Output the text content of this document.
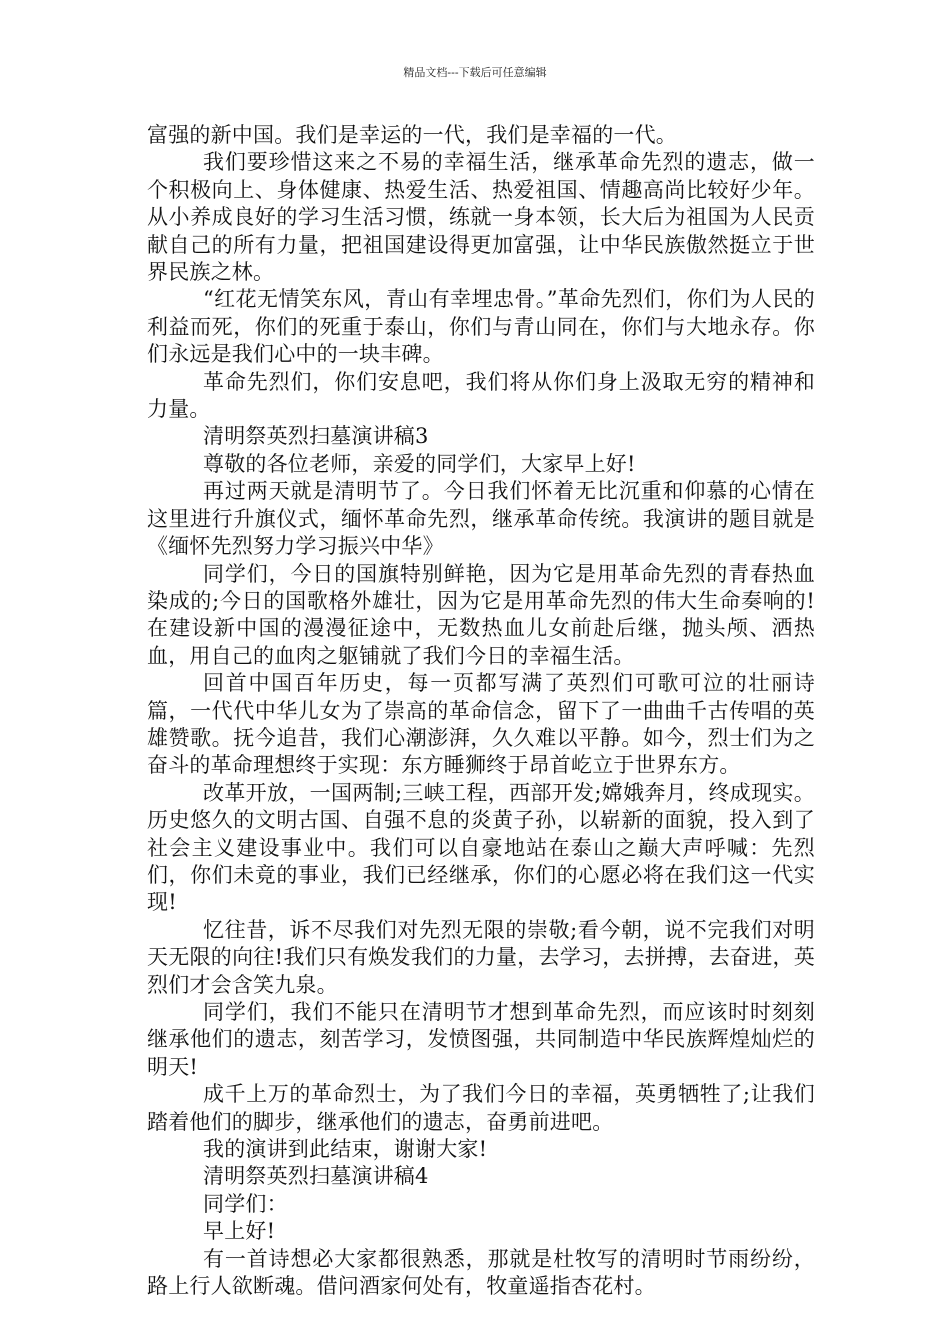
精品文档---下载后可任意编辑

富强的新中国。我们是幸运的一代，我们是幸福的一代。

我们要珍惜这来之不易的幸福生活，继承革命先烈的遗志，做一个积极向上、身体健康、热爱生活、热爱祖国、情趣高尚比较好少年。从小养成良好的学习生活习惯，练就一身本领，长大后为祖国为人民贡献自己的所有力量，把祖国建设得更加富强，让中华民族傲然挺立于世界民族之林。

“红花无情笑东风，青山有幸埋忠骨。”革命先烈们，你们为人民的利益而死，你们的死重于泰山，你们与青山同在，你们与大地永存。你们永远是我们心中的一块丰碑。

革命先烈们，你们安息吧，我们将从你们身上汲取无穷的精神和力量。

清明祭英烈扫墓演讲稿3

尊敬的各位老师，亲爱的同学们，大家早上好!

再过两天就是清明节了。今日我们怀着无比沉重和仰慕的心情在这里进行升旗仪式，缅怀革命先烈，继承革命传统。我演讲的题目就是《缅怀先烈努力学习振兴中华》

同学们，今日的国旗特别鲜艳，因为它是用革命先烈的青春热血染成的;今日的国歌格外雄壮，因为它是用革命先烈的伟大生命奏响的!在建设新中国的漫漫征途中，无数热血儿女前赴后继，抛头颅、洒热血，用自己的血肉之躯铺就了我们今日的幸福生活。

回首中国百年历史，每一页都写满了英烈们可歌可泣的壮丽诗篇，一代代中华儿女为了崇高的革命信念，留下了一曲曲千古传唱的英雄赞歌。抚今追昔，我们心潮澎湃，久久难以平静。如今，烈士们为之奋斗的革命理想终于实现：东方睡狮终于昂首屹立于世界东方。

改革开放，一国两制;三峡工程，西部开发;嫦娥奔月，终成现实。历史悠久的文明古国、自强不息的炎黄子孙，以崭新的面貌，投入到了社会主义建设事业中。我们可以自豪地站在泰山之巅大声呼喊：先烈们，你们未竟的事业，我们已经继承，你们的心愿必将在我们这一代实现!

忆往昔，诉不尽我们对先烈无限的崇敬;看今朝，说不完我们对明天无限的向往!我们只有焕发我们的力量，去学习，去拼搏，去奋进，英烈们才会含笑九泉。

同学们，我们不能只在清明节才想到革命先烈，而应该时时刻刻继承他们的遗志，刻苦学习，发愤图强，共同制造中华民族辉煌灿烂的明天!

成千上万的革命烈士，为了我们今日的幸福，英勇牺牲了;让我们踏着他们的脚步，继承他们的遗志，奋勇前进吧。

我的演讲到此结束，谢谢大家!

清明祭英烈扫墓演讲稿4

同学们：

早上好!

有一首诗想必大家都很熟悉，那就是杜牧写的清明时节雨纷纷，路上行人欲断魂。借问酒家何处有，牧童遥指杏花村。
